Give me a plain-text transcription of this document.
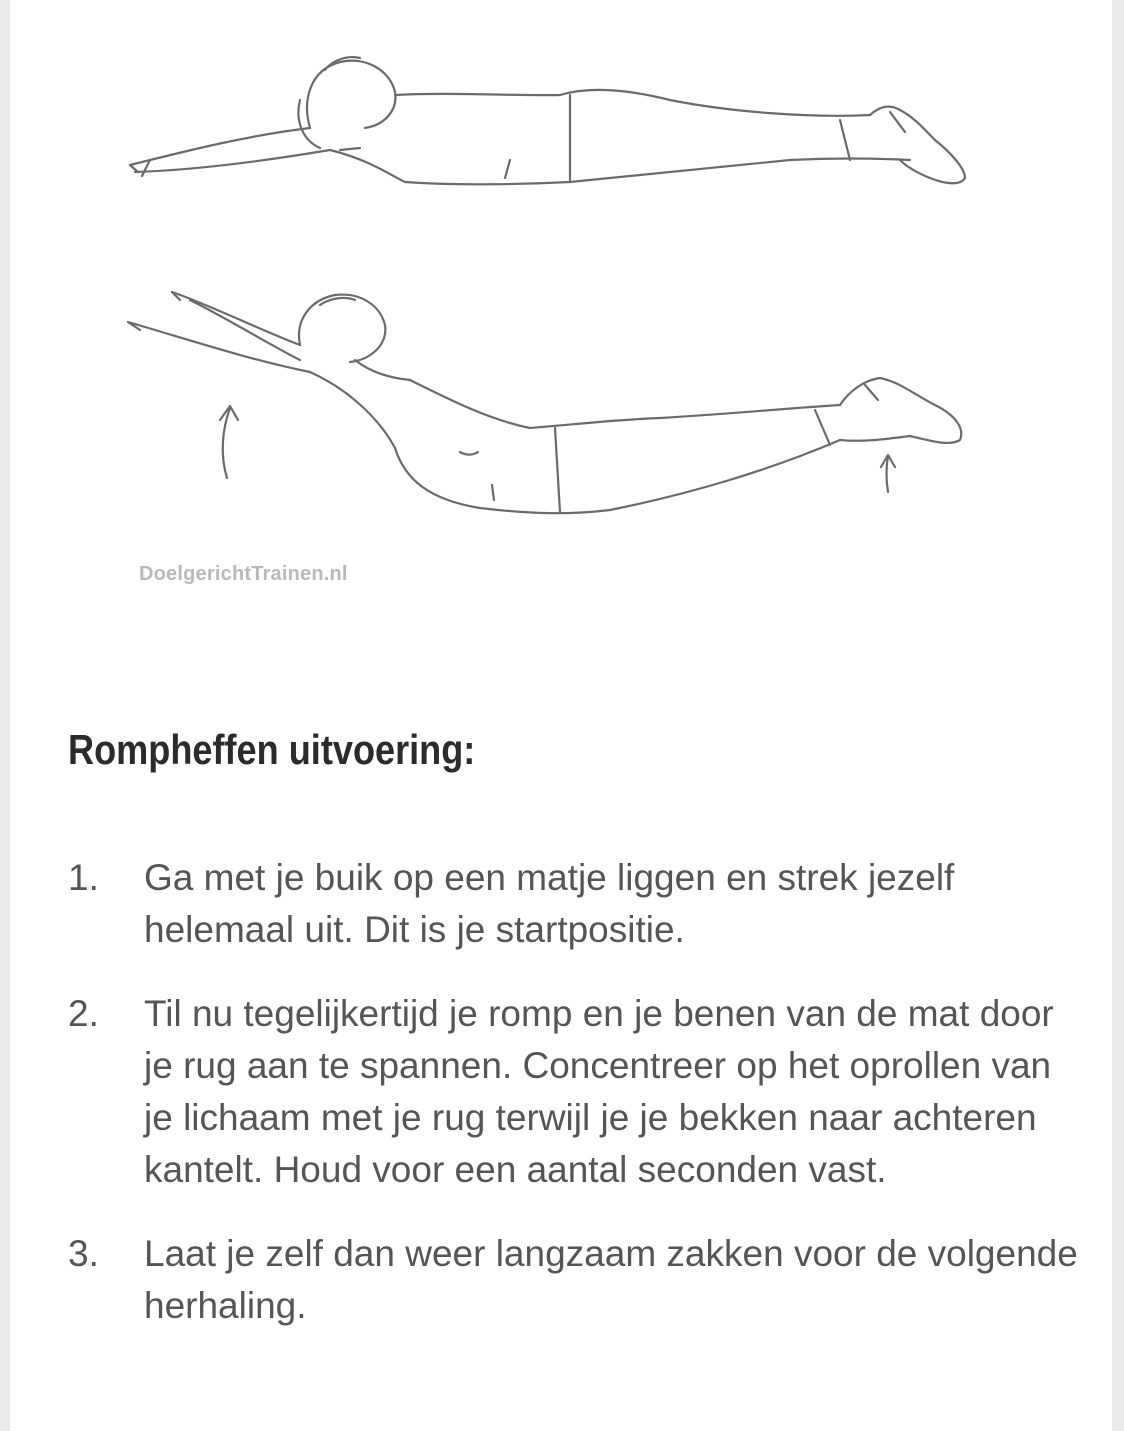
DoelgerichtTrainen.nl
Rompheffen uitvoering:
1.	Ga met je buik op een matje liggen en strek jezelf helemaal uit. Dit is je startpositie.
2.	Til nu tegelijkertijd je romp en je benen van de mat door je rug aan te spannen. Concentreer op het oprollen van je lichaam met je rug terwijl je je bekken naar achteren kantelt. Houd voor een aantal seconden vast.
3.	Laat je zelf dan weer langzaam zakken voor de volgende herhaling.
